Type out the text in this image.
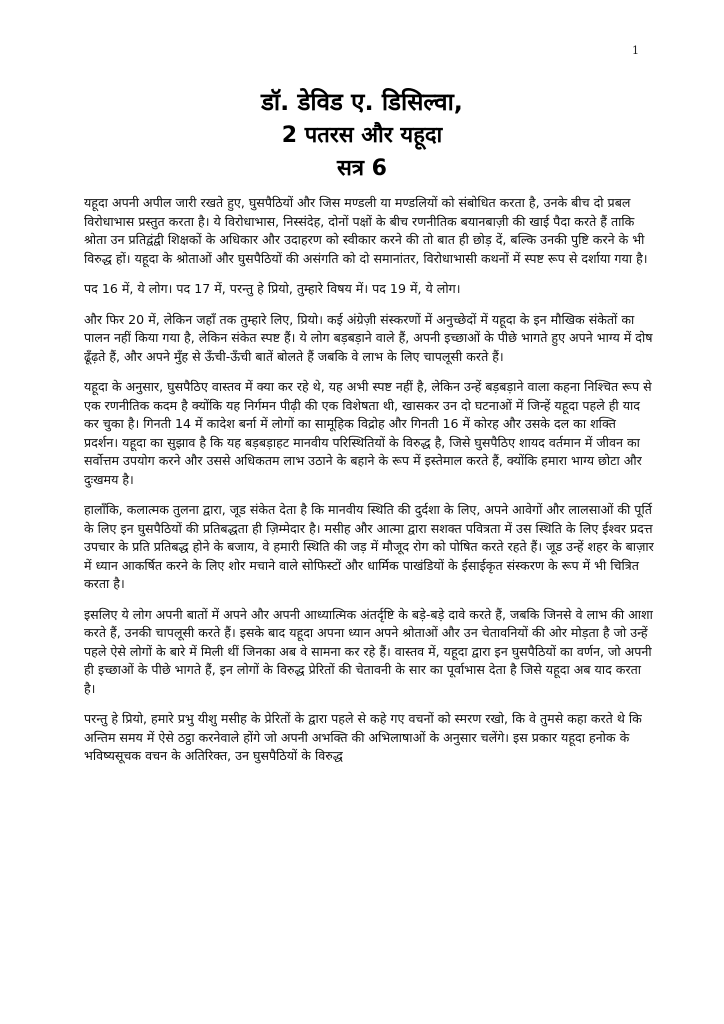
1
डॉ. डेविड ए. डिसिल्वा,
2 पतरस और यहूदा
सत्र 6

यहूदा अपनी अपील जारी रखते हुए, घुसपैठियों और जिस मण्डली या मण्डलियों को संबोधित करता है, उनके बीच दो प्रबल विरोधाभास प्रस्तुत करता है। ये विरोधाभास, निस्संदेह, दोनों पक्षों के बीच रणनीतिक बयानबाज़ी की खाई पैदा करते हैं ताकि श्रोता उन प्रतिद्वंद्वी शिक्षकों के अधिकार और उदाहरण को स्वीकार करने की तो बात ही छोड़ दें, बल्कि उनकी पुष्टि करने के भी विरुद्ध हों। यहूदा के श्रोताओं और घुसपैठियों की असंगति को दो समानांतर, विरोधाभासी कथनों में स्पष्ट रूप से दर्शाया गया है।

पद 16 में, ये लोग। पद 17 में, परन्तु हे प्रियो, तुम्हारे विषय में। पद 19 में, ये लोग।

और फिर 20 में, लेकिन जहाँ तक तुम्हारे लिए, प्रियो। कई अंग्रेज़ी संस्करणों में अनुच्छेदों में यहूदा के इन मौखिक संकेतों का पालन नहीं किया गया है, लेकिन संकेत स्पष्ट हैं। ये लोग बड़बड़ाने वाले हैं, अपनी इच्छाओं के पीछे भागते हुए अपने भाग्य में दोष ढूँढ़ते हैं, और अपने मुँह से ऊँची-ऊँची बातें बोलते हैं जबकि वे लाभ के लिए चापलूसी करते हैं।

यहूदा के अनुसार, घुसपैठिए वास्तव में क्या कर रहे थे, यह अभी स्पष्ट नहीं है, लेकिन उन्हें बड़बड़ाने वाला कहना निश्चित रूप से एक रणनीतिक कदम है क्योंकि यह निर्गमन पीढ़ी की एक विशेषता थी, खासकर उन दो घटनाओं में जिन्हें यहूदा पहले ही याद कर चुका है। गिनती 14 में कादेश बर्ना में लोगों का सामूहिक विद्रोह और गिनती 16 में कोरह और उसके दल का शक्ति प्रदर्शन। यहूदा का सुझाव है कि यह बड़बड़ाहट मानवीय परिस्थितियों के विरुद्ध है, जिसे घुसपैठिए शायद वर्तमान में जीवन का सर्वोत्तम उपयोग करने और उससे अधिकतम लाभ उठाने के बहाने के रूप में इस्तेमाल करते हैं, क्योंकि हमारा भाग्य छोटा और दुःखमय है।

हालाँकि, कलात्मक तुलना द्वारा, जूड संकेत देता है कि मानवीय स्थिति की दुर्दशा के लिए, अपने आवेगों और लालसाओं की पूर्ति के लिए इन घुसपैठियों की प्रतिबद्धता ही ज़िम्मेदार है। मसीह और आत्मा द्वारा सशक्त पवित्रता में उस स्थिति के लिए ईश्वर प्रदत्त उपचार के प्रति प्रतिबद्ध होने के बजाय, वे हमारी स्थिति की जड़ में मौजूद रोग को पोषित करते रहते हैं। जूड उन्हें शहर के बाज़ार में ध्यान आकर्षित करने के लिए शोर मचाने वाले सोफिस्टों और धार्मिक पाखंडियों के ईसाईकृत संस्करण के रूप में भी चित्रित करता है।

इसलिए ये लोग अपनी बातों में अपने और अपनी आध्यात्मिक अंतर्दृष्टि के बड़े-बड़े दावे करते हैं, जबकि जिनसे वे लाभ की आशा करते हैं, उनकी चापलूसी करते हैं। इसके बाद यहूदा अपना ध्यान अपने श्रोताओं और उन चेतावनियों की ओर मोड़ता है जो उन्हें पहले ऐसे लोगों के बारे में मिली थीं जिनका अब वे सामना कर रहे हैं। वास्तव में, यहूदा द्वारा इन घुसपैठियों का वर्णन, जो अपनी ही इच्छाओं के पीछे भागते हैं, इन लोगों के विरुद्ध प्रेरितों की चेतावनी के सार का पूर्वाभास देता है जिसे यहूदा अब याद करता है।

परन्तु हे प्रियो, हमारे प्रभु यीशु मसीह के प्रेरितों के द्वारा पहले से कहे गए वचनों को स्मरण रखो, कि वे तुमसे कहा करते थे कि अन्तिम समय में ऐसे ठट्ठा करनेवाले होंगे जो अपनी अभक्ति की अभिलाषाओं के अनुसार चलेंगे। इस प्रकार यहूदा हनोक के भविष्यसूचक वचन के अतिरिक्त, उन घुसपैठियों के विरुद्ध
